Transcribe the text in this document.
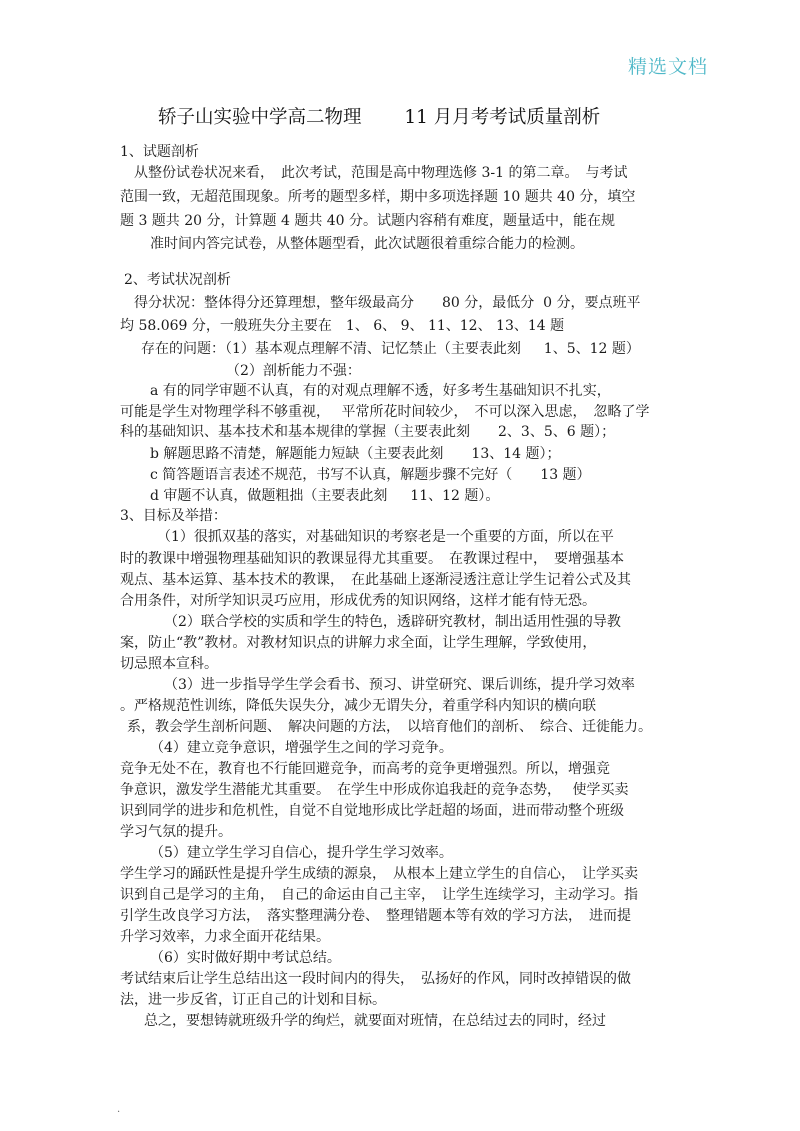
精选文档
轿子山实验中学高二物理　　 11 月月考考试质量剖析
1、试题剖析
　从整份试卷状况来看，　此次考试，范围是高中物理选修 3-1 的第二章。　与考试
范围一致，无超范围现象。所考的题型多样，期中多项选择题 10 题共 40 分，填空
题 3 题共 20 分，计算题 4 题共 40 分。试题内容稍有难度，题量适中，能在规
准时间内答完试卷，从整体题型看，此次试题很着重综合能力的检测。
2、考试状况剖析
　得分状况：整体得分还算理想，整年级最高分　　80 分，最低分  0 分，要点班平
均 58.069 分，一般班失分主要在　1、 6、 9、 11、12、 13、14 题
　存在的问题：（1）基本观点理解不清、记忆禁止（主要表此刻　  1、5、12 题）
（2）剖析能力不强：
a 有的同学审题不认真，有的对观点理解不透，好多考生基础知识不扎实，
可能是学生对物理学科不够重视，　 平常所花时间较少，　不可以深入思虑，　忽略了学
科的基础知识、基本技术和基本规律的掌握（主要表此刻　　2、3、5、6 题）；
b 解题思路不清楚，解题能力短缺（主要表此刻　　13、14 题）；
c 简答题语言表述不规范，书写不认真，解题步骤不完好（　　13 题）
d 审题不认真，做题粗拙（主要表此刻　  11、12 题）。
3、目标及举措：
　（1）很抓双基的落实，对基础知识的考察老是一个重要的方面，所以在平
时的教课中增强物理基础知识的教课显得尤其重要。　在教课过程中，　要增强基本
观点、基本运算、基本技术的教课，　在此基础上逐渐浸透注意让学生记着公式及其
合用条件，对所学知识灵巧应用，形成优秀的知识网络，这样才能有恃无恐。
（2）联合学校的实质和学生的特色，透辟研究教材，制出适用性强的导教
案，防止“教”教材。对教材知识点的讲解力求全面，让学生理解，学致使用，
切忌照本宣科。
（3）进一步指导学生学会看书、预习、讲堂研究、课后训练，提升学习效率
。严格规范性训练，降低失误失分，减少无谓失分，着重学科内知识的横向联
系，教会学生剖析问题、　解决问题的方法，　以培育他们的剖析、　综合、迁徙能力。
（4）建立竞争意识，增强学生之间的学习竞争。
竞争无处不在，教育也不行能回避竞争，而高考的竞争更增强烈。所以，增强竞
争意识，激发学生潜能尤其重要。　在学生中形成你追我赶的竞争态势，　 使学买卖
识到同学的进步和危机性，自觉不自觉地形成比学赶超的场面，进而带动整个班级
学习气氛的提升。
（5）建立学生学习自信心，提升学生学习效率。
学生学习的踊跃性是提升学生成绩的源泉，　从根本上建立学生的自信心，　让学买卖
识到自己是学习的主角，　自己的命运由自己主宰，　让学生连续学习，主动学习。指
引学生改良学习方法，　落实整理满分卷、　整理错题本等有效的学习方法，　进而提
升学习效率，力求全面开花结果。
（6）实时做好期中考试总结。
考试结束后让学生总结出这一段时间内的得失，　弘扬好的作风，同时改掉错误的做
法，进一步反省，订正自己的计划和目标。
　总之，要想铸就班级升学的绚烂，就要面对班情，在总结过去的同时，经过
.
